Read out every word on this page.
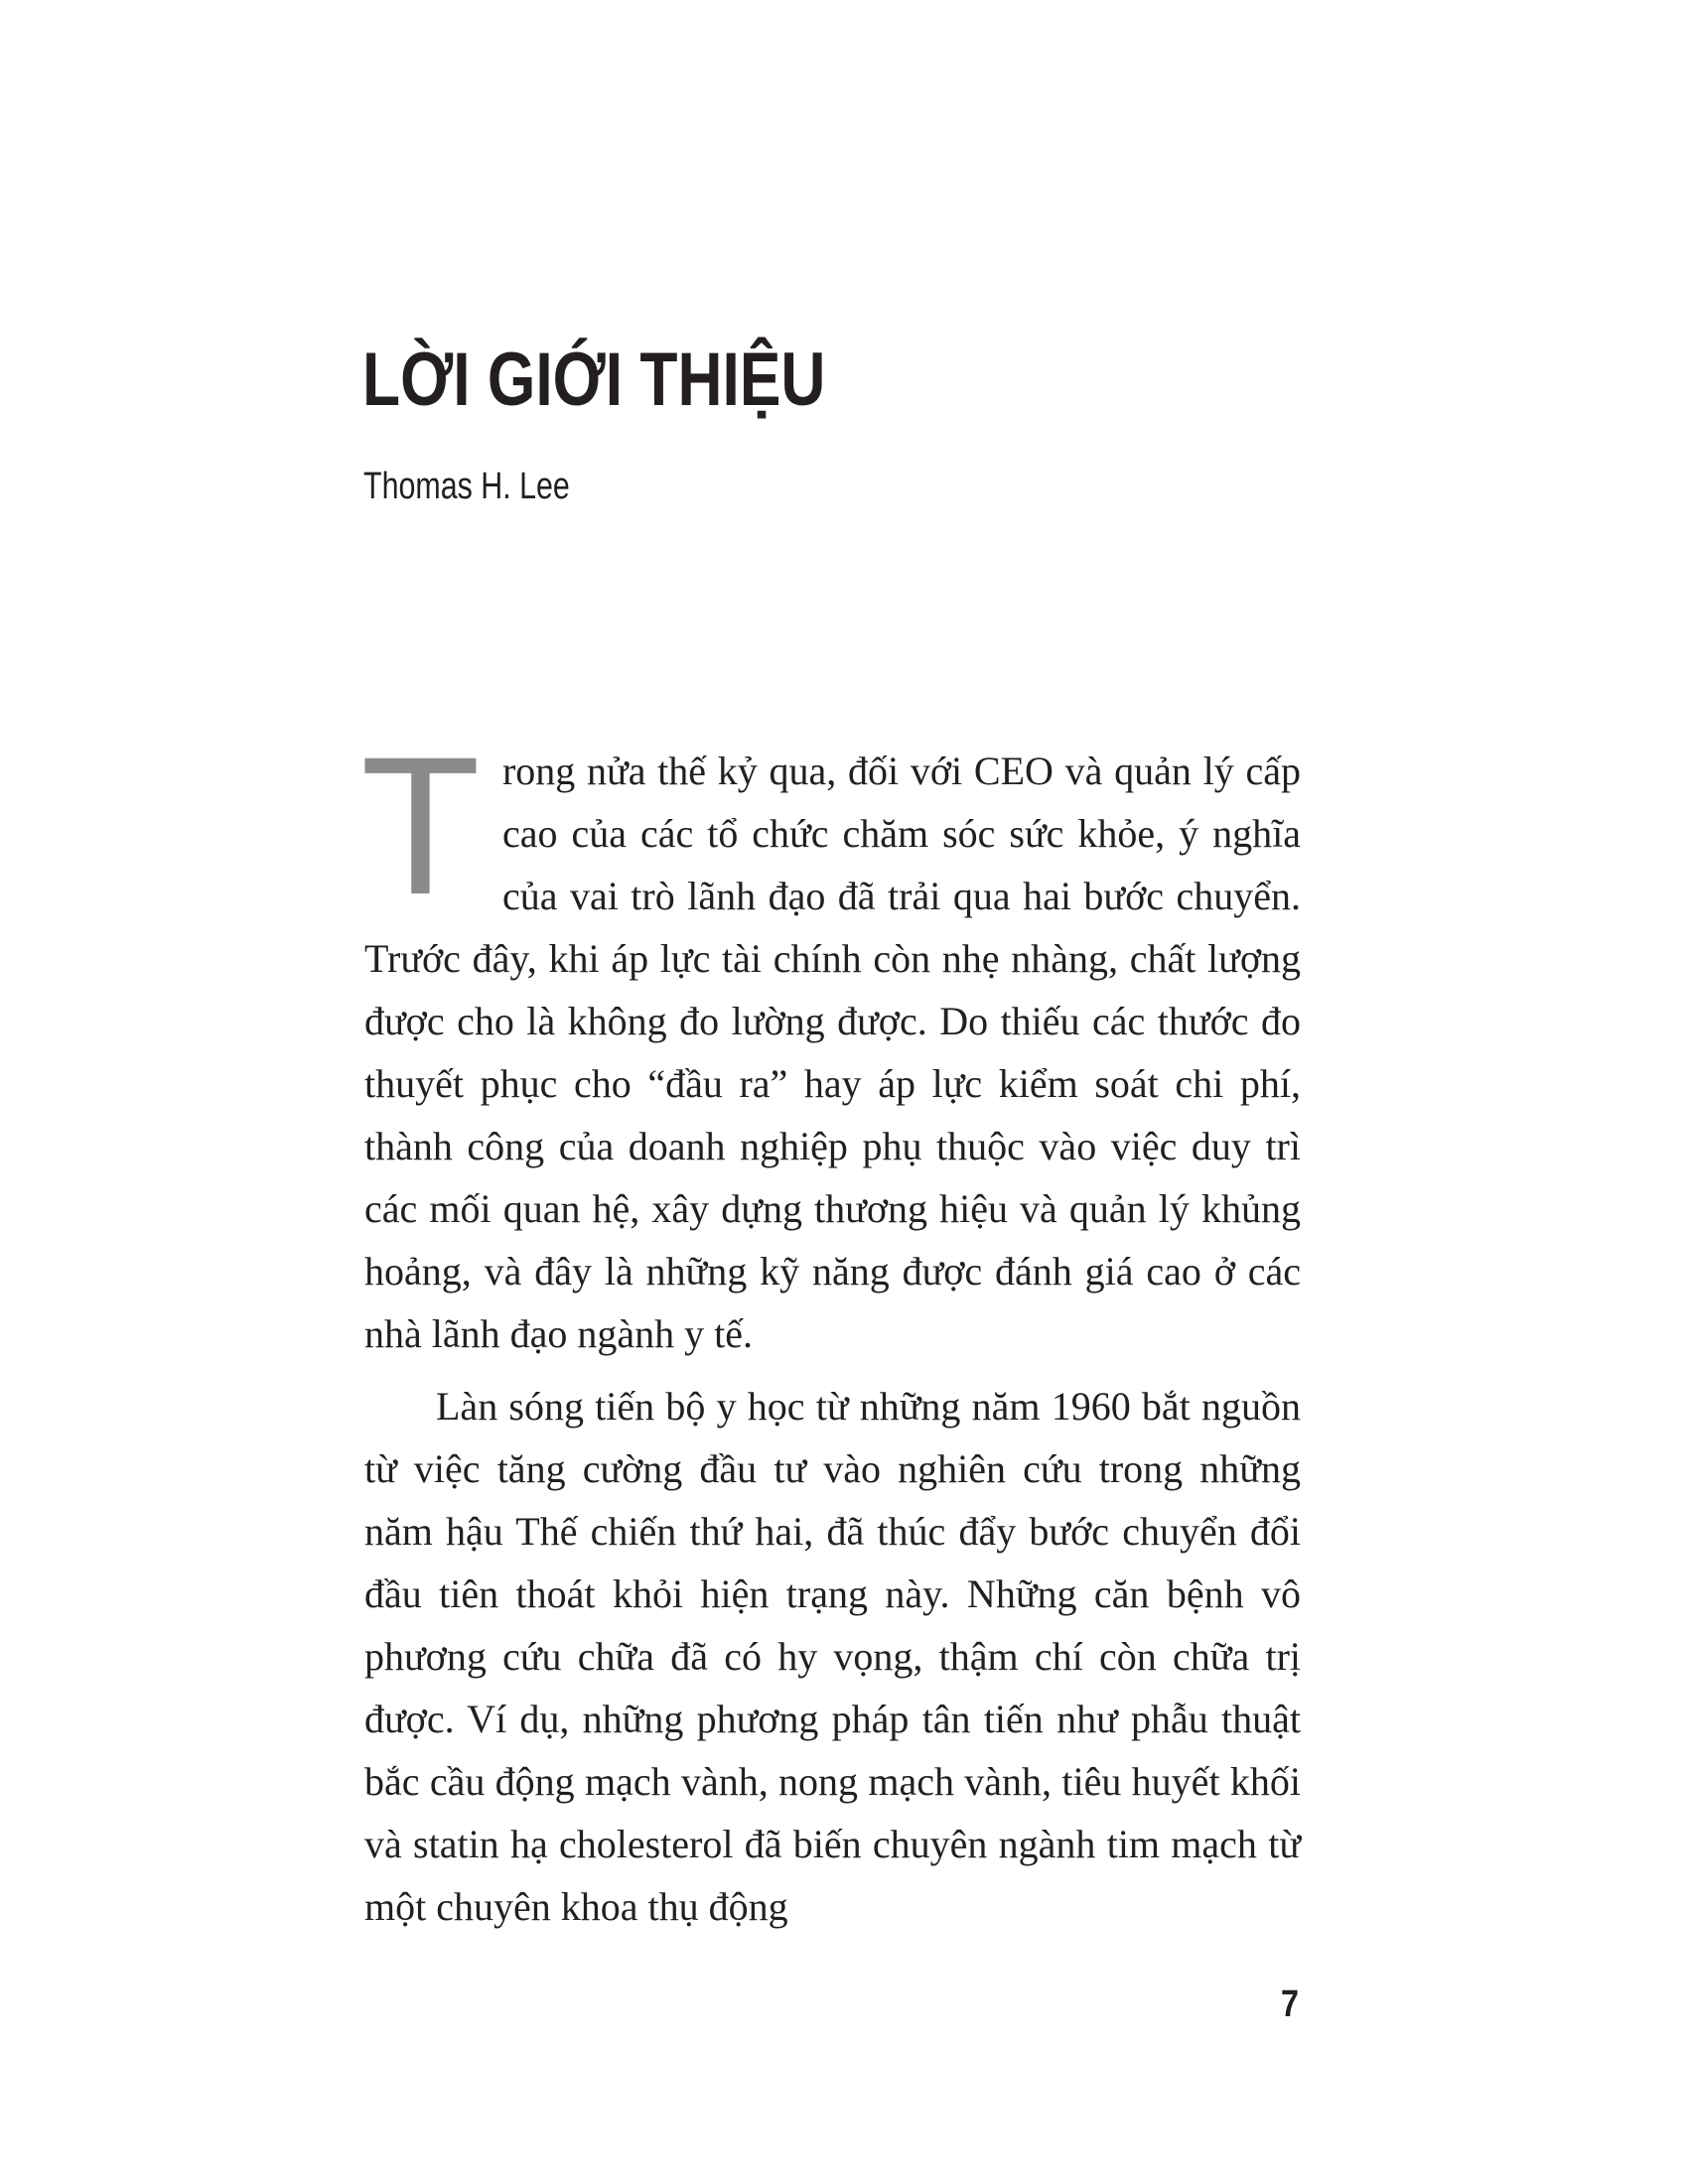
LỜI GIỚI THIỆU

Thomas H. Lee

Trong nửa thế kỷ qua, đối với CEO và quản lý cấp cao của các tổ chức chăm sóc sức khỏe, ý nghĩa của vai trò lãnh đạo đã trải qua hai bước chuyển. Trước đây, khi áp lực tài chính còn nhẹ nhàng, chất lượng được cho là không đo lường được. Do thiếu các thước đo thuyết phục cho “đầu ra” hay áp lực kiểm soát chi phí, thành công của doanh nghiệp phụ thuộc vào việc duy trì các mối quan hệ, xây dựng thương hiệu và quản lý khủng hoảng, và đây là những kỹ năng được đánh giá cao ở các nhà lãnh đạo ngành y tế.

Làn sóng tiến bộ y học từ những năm 1960 bắt nguồn từ việc tăng cường đầu tư vào nghiên cứu trong những năm hậu Thế chiến thứ hai, đã thúc đẩy bước chuyển đổi đầu tiên thoát khỏi hiện trạng này. Những căn bệnh vô phương cứu chữa đã có hy vọng, thậm chí còn chữa trị được. Ví dụ, những phương pháp tân tiến như phẫu thuật bắc cầu động mạch vành, nong mạch vành, tiêu huyết khối và statin hạ cholesterol đã biến chuyên ngành tim mạch từ một chuyên khoa thụ động

7
